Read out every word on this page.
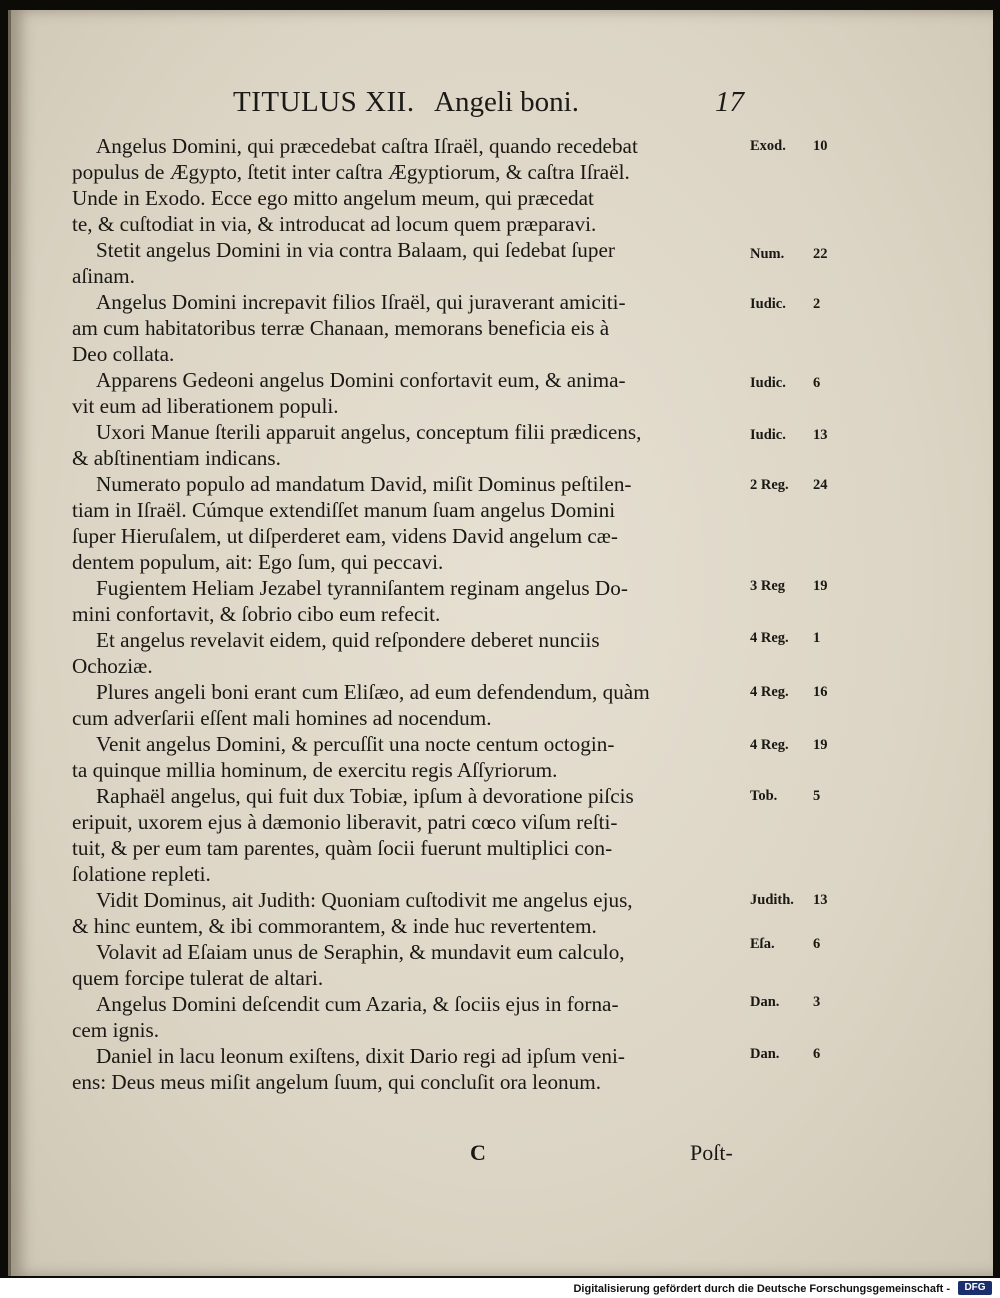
TITULUS XII. Angeli boni.	17
Angelus Domini, qui præcedebat caſtra Iſraël, quando recedebat
populus de Ægypto, ſtetit inter caſtra Ægyptiorum, & caſtra Iſraël.
Unde in Exodo. Ecce ego mitto angelum meum, qui præcedat
te, & cuſtodiat in via, & introducat ad locum quem præparavi.
Stetit angelus Domini in via contra Balaam, qui ſedebat ſuper
aſinam.
Angelus Domini increpavit filios Iſraël, qui juraverant amiciti-
am cum habitatoribus terræ Chanaan, memorans beneficia eis à
Deo collata.
Apparens Gedeoni angelus Domini confortavit eum, & anima-
vit eum ad liberationem populi.
Uxori Manue ſterili apparuit angelus, conceptum filii prædicens,
& abſtinentiam indicans.
Numerato populo ad mandatum David, miſit Dominus peſtilen-
tiam in Iſraël. Cúmque extendiſſet manum ſuam angelus Domini
ſuper Hieruſalem, ut diſperderet eam, videns David angelum cæ-
dentem populum, ait: Ego ſum, qui peccavi.
Fugientem Heliam Jezabel tyranniſantem reginam angelus Do-
mini confortavit, & ſobrio cibo eum refecit.
Et angelus revelavit eidem, quid reſpondere deberet nunciis
Ochoziæ.
Plures angeli boni erant cum Eliſæo, ad eum defendendum, quàm
cum adverſarii eſſent mali homines ad nocendum.
Venit angelus Domini, & percuſſit una nocte centum octogin-
ta quinque millia hominum, de exercitu regis Aſſyriorum.
Raphaël angelus, qui fuit dux Tobiæ, ipſum à devoratione piſcis
eripuit, uxorem ejus à dæmonio liberavit, patri cœco viſum reſti-
tuit, & per eum tam parentes, quàm ſocii fuerunt multiplici con-
ſolatione repleti.
Vidit Dominus, ait Judith: Quoniam cuſtodivit me angelus ejus,
& hinc euntem, & ibi commorantem, & inde huc revertentem.
Volavit ad Eſaiam unus de Seraphin, & mundavit eum calculo,
quem forcipe tulerat de altari.
Angelus Domini deſcendit cum Azaria, & ſociis ejus in forna-
cem ignis.
Daniel in lacu leonum exiſtens, dixit Dario regi ad ipſum veni-
ens: Deus meus miſit angelum ſuum, qui concluſit ora leonum.
Exod. 10
Num. 22
Iudic. 2
Iudic. 6
Iudic. 13
2 Reg. 24
3 Reg 19
4 Reg. 1
4 Reg. 16
4 Reg. 19
Tob. 5
Judith. 13
Eſa.	6
Dan. 3
Dan. 6
C	Poſt-
Digitalisierung gefördert durch die Deutsche Forschungsgemeinschaft -	DFG
